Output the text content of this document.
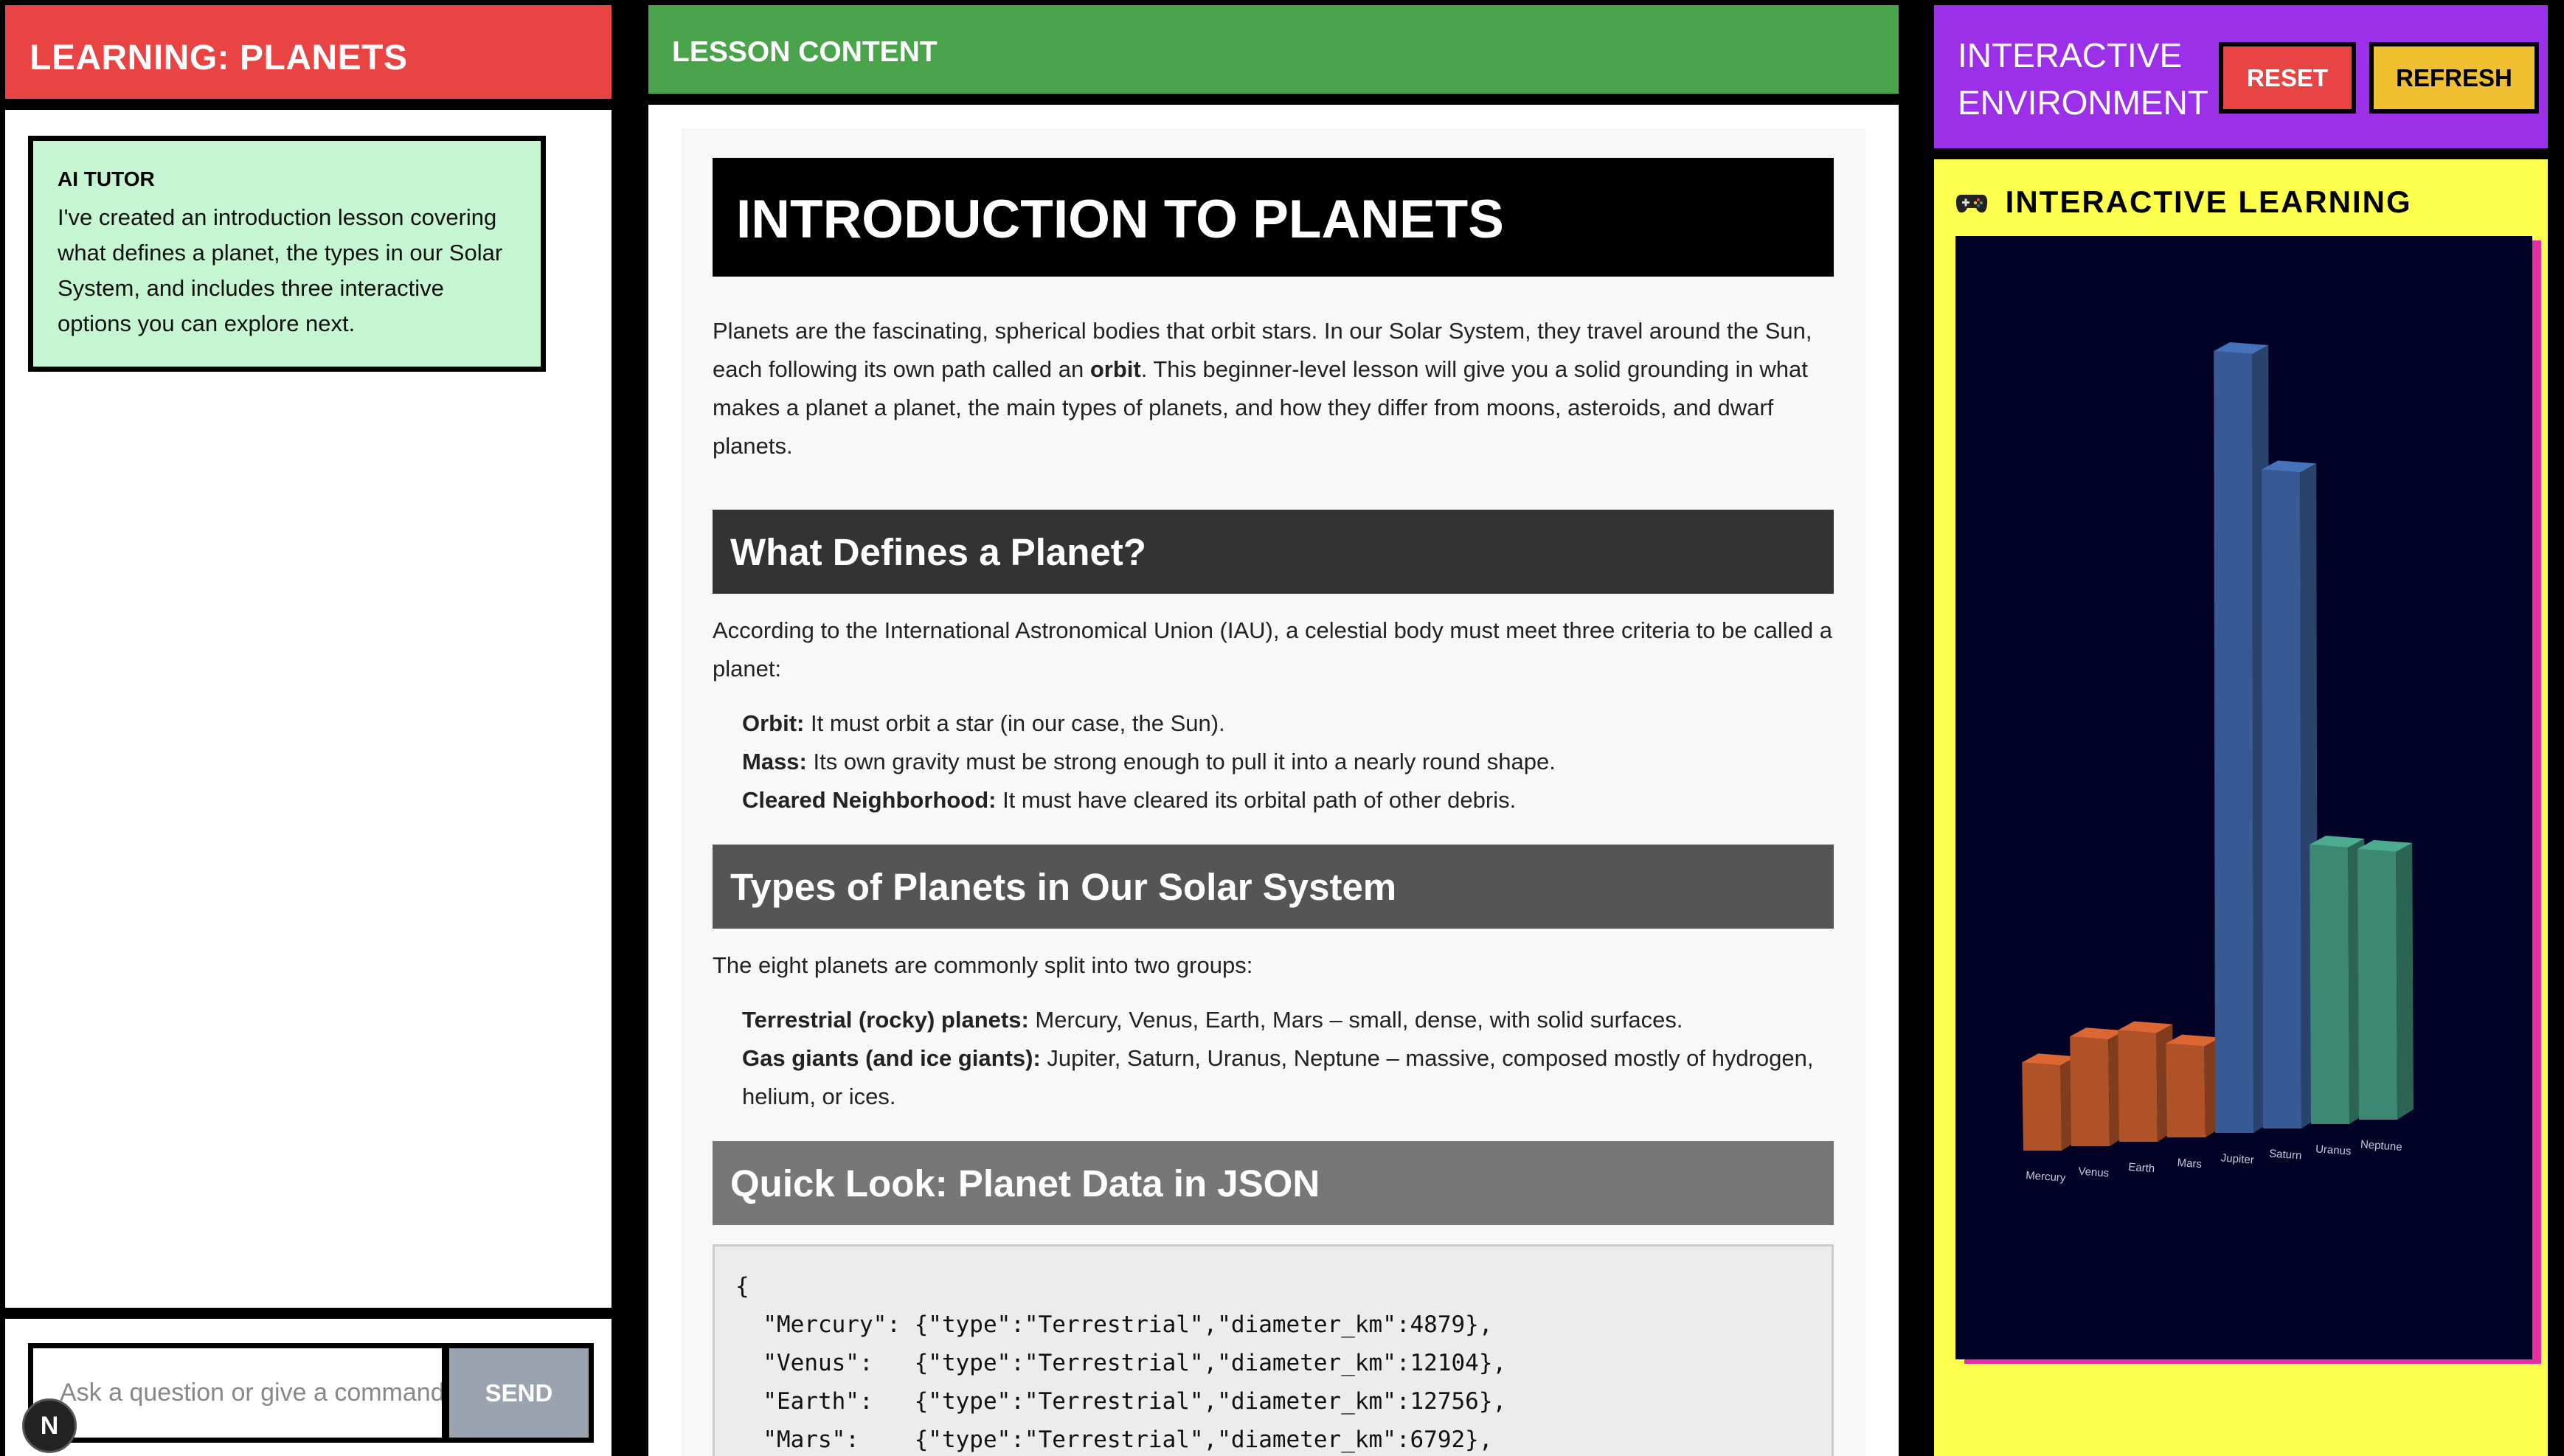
LEARNING: PLANETS
AI TUTOR
I've created an introduction lesson covering what defines a planet, the types in our Solar System, and includes three interactive options you can explore next.
Ask a question or give a command...
SEND
N
LESSON CONTENT
INTRODUCTION TO PLANETS

Planets are the fascinating, spherical bodies that orbit stars. In our Solar System, they travel around the Sun, each following its own path called an orbit. This beginner-level lesson will give you a solid grounding in what makes a planet a planet, the main types of planets, and how they differ from moons, asteroids, and dwarf planets.

What Defines a Planet?

According to the International Astronomical Union (IAU), a celestial body must meet three criteria to be called a planet:

Orbit: It must orbit a star (in our case, the Sun).
Mass: Its own gravity must be strong enough to pull it into a nearly round shape.
Cleared Neighborhood: It must have cleared its orbital path of other debris.
Types of Planets in Our Solar System

The eight planets are commonly split into two groups:

Terrestrial (rocky) planets: Mercury, Venus, Earth, Mars – small, dense, with solid surfaces.
Gas giants (and ice giants): Jupiter, Saturn, Uranus, Neptune – massive, composed mostly of hydrogen, helium, or ices.
Quick Look: Planet Data in JSON
{
"Mercury": {"type":"Terrestrial","diameter_km":4879},
"Venus":   {"type":"Terrestrial","diameter_km":12104},
"Earth":   {"type":"Terrestrial","diameter_km":12756},
"Mars":    {"type":"Terrestrial","diameter_km":6792},
INTERACTIVE
ENVIRONMENT
RESET	REFRESH
INTERACTIVE LEARNING
Mercury Venus Earth Mars Jupiter Saturn Uranus Neptune
